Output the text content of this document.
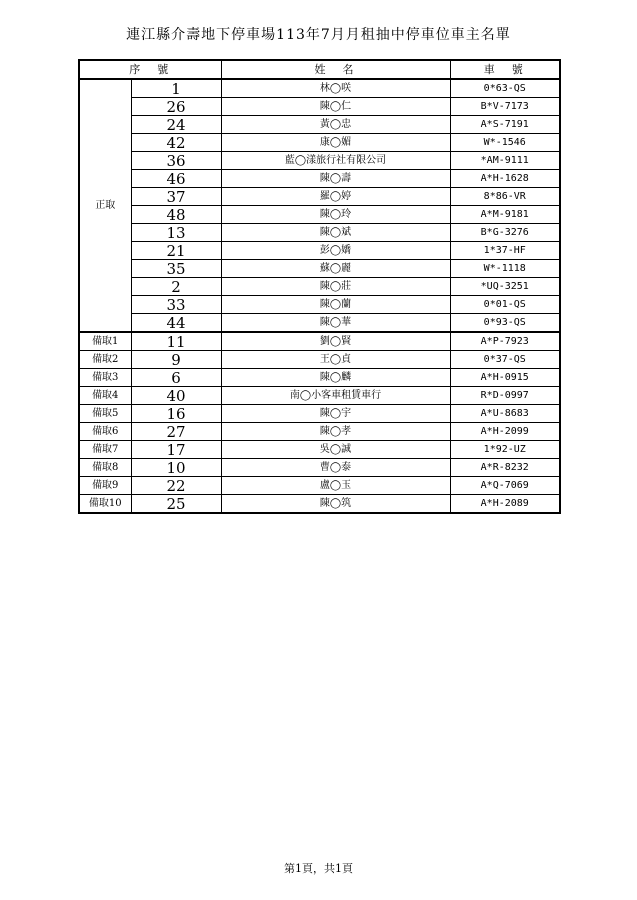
連江縣介壽地下停車場113年7月月租抽中停車位車主名單
序　號		姓　名	車　號
正取	1	林◯咲	0*63-QS
	26	陳◯仁	B*V-7173
	24	黃◯忠	A*S-7191
	42	康◯媚	W*-1546
	36	藍◯漾旅行社有限公司	*AM-9111
	46	陳◯壽	A*H-1628
	37	羅◯婷	8*86-VR
	48	陳◯玲	A*M-9181
	13	陳◯斌	B*G-3276
	21	彭◯嬌	1*37-HF
	35	蘇◯麗	W*-1118
	2	陳◯莊	*UQ-3251
	33	陳◯蘭	0*01-QS
	44	陳◯華	0*93-QS
備取1	11	劉◯賢	A*P-7923
備取2	9	王◯貞	0*37-QS
備取3	6	陳◯麟	A*H-0915
備取4	40	南◯小客車租賃車行	R*D-0997
備取5	16	陳◯宇	A*U-8683
備取6	27	陳◯孝	A*H-2099
備取7	17	吳◯誠	1*92-UZ
備取8	10	曹◯泰	A*R-8232
備取9	22	盧◯玉	A*Q-7069
備取10	25	陳◯筑	A*H-2089
第1頁，共1頁
